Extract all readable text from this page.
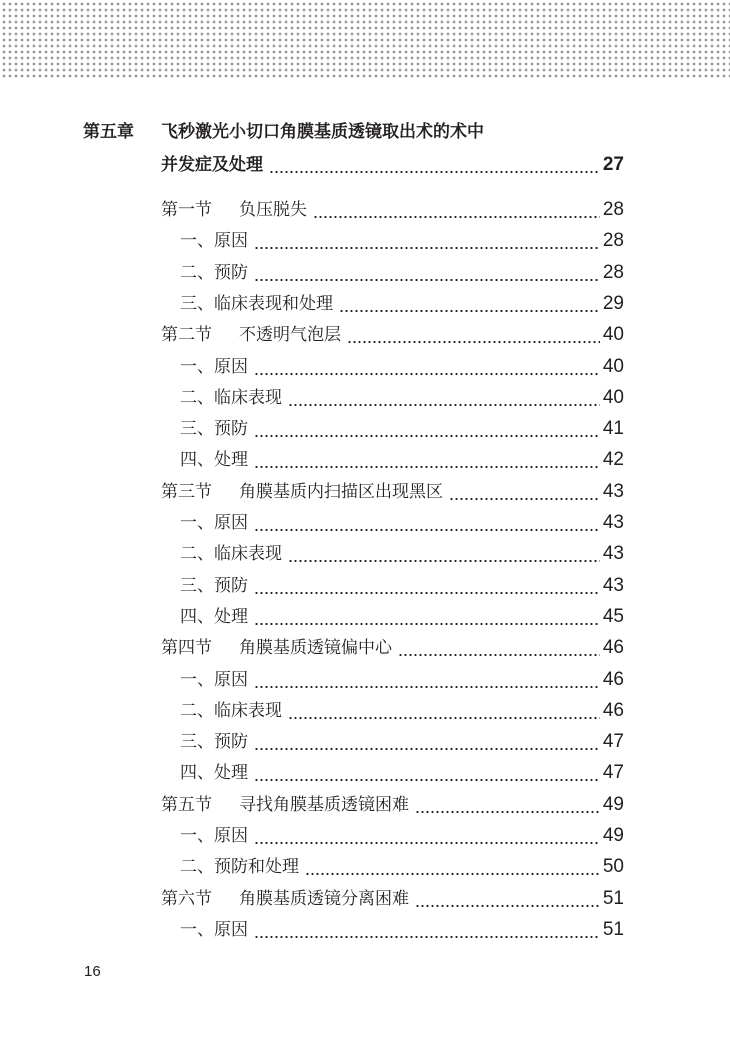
第五章 飞秒激光小切口角膜基质透镜取出术的术中
并发症及处理	27
第一节 负压脱失	28
一、原因	28
二、预防	28
三、临床表现和处理	29
第二节 不透明气泡层	40
一、原因	40
二、临床表现	40
三、预防	41
四、处理	42
第三节 角膜基质内扫描区出现黑区	43
一、原因	43
二、临床表现	43
三、预防	43
四、处理	45
第四节 角膜基质透镜偏中心	46
一、原因	46
二、临床表现	46
三、预防	47
四、处理	47
第五节 寻找角膜基质透镜困难	49
一、原因	49
二、预防和处理	50
第六节 角膜基质透镜分离困难	51
一、原因	51
16
